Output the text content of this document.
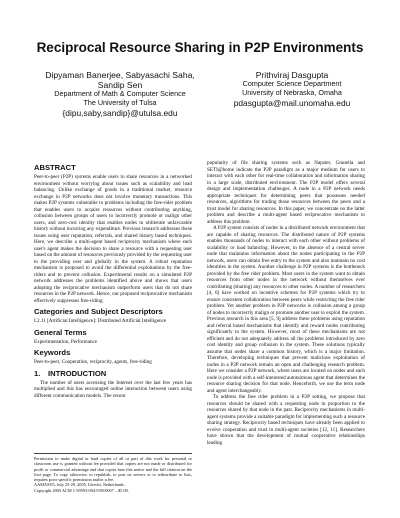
Reciprocal Resource Sharing in P2P Environments
Dipyaman Banerjee, Sabyasachi Saha,
Sandip Sen
Department of Math & Computer Science
The University of Tulsa
{dipu,saby,sandip}@utulsa.edu
Prithviraj Dasgupta
Computer Science Department
University of Nebraska, Omaha
pdasgupta@mail.unomaha.edu
ABSTRACT

Peer-to-peer (P2P) systems enable users to share resources in a networked environment without worrying about issues such as scalability and load balancing. Unlike exchange of goods in a traditional market, resource exchange in P2P networks does not involve monetary transactions. This makes P2P systems vulnerable to problems including the free-rider problem that enables users to acquire resources without contributing anything, collusion between groups of users to incorrectly promote or malign other users, and zero-cost identity that enables nodes to obliterate unfavorable history without incurring any expenditure. Previous research addresses these issues using user reputation, referrals, and shared history based techniques. Here, we describe a multi-agent based reciprocity mechanism where each user's agent makes the decision to share a resource with a requesting user based on the amount of resources previously provided by the requesting user to the providing user and globally in the system. A robust reputation mechanism is proposed to avoid the differential exploitations by the free-riders and to prevent collusion. Experimental results on a simulated P2P network addresses the problems identified above and shows that users adopting the reciprocative mechanism outperform users that do not share resources in the P2P network. Hence, our proposed reciprocative mechanism effectively suppresses free-riding.

Categories and Subject Descriptors

I.2.11 [Artificial Intelligence]: Distributed Artificial Intelligence

General Terms

Experimentation, Performance

Keywords

Peer-to-peer, Cooperation, reciprocity, agents, free-riding

1. INTRODUCTION

The number of users accessing the Internet over the last few years has multiplied and this has encouraged online interaction between users using different communication models. The recent

Permission to make digital or hard copies of all or part of this work for personal or classroom use is granted without fee provided that copies are not made or distributed for profit or commercial advantage and that copies bear this notice and the full citation on the first page. To copy otherwise, to republish, to post on servers or to redistribute to lists, requires prior specific permission and/or a fee.

AAMAS'05, July 25-29, 2005, Utrecht, Netherlands.

Copyright 2005 ACM 1-59593-094-9/05/0007 ...$5.00.

popularity of file sharing systems such as Napster, Gnutella and SETI@home indicate the P2P paradigm as a major medium for users to interact with each other for real-time collaboration and information sharing in a large scale, distributed environment. The P2P model offers several design and implementation challenges. A node in a P2P network needs appropriate techniques for determining peers that possesses needed resources, algorithms for trading those resources between the peers and a trust model for sharing resources. In this paper, we concentrate on the latter problem and describe a multi-agent based reciprocative mechanism to address this problem.

A P2P system consists of nodes in a distributed network environment that are capable of sharing resources. The distributed nature of P2P systems enables thousands of nodes to interact with each other without problems of scalability or load balancing. However, in the absence of a central server node that maintains information about the nodes participating in the P2P network, users can obtain free entry to the system and also maintain no cost identities in the system. Another challenge in P2P systems is the bottleneck provided by the free rider problem. Most users in the system want to obtain resources from other nodes in the network without themselves ever contributing (sharing) any resources to other nodes. A number of researchers [4, 6] have worked on incentive schemes for P2P systems which try to ensure consistent collaboration between peers while restricting the free rider problem. Yet another problem in P2P networks is collusion among a group of nodes to incorrectly malign or promote another user to exploit the system. Previous research in this area [5, 9] address these problems using reputation and referral based mechanisms that identify and reward nodes contributing significantly to the system. However, most of these mechanisms are not efficient and do not adequately address all the problems introduced by zero cost identity and group collusion in the system. These solutions typically assume that nodes share a common history, which is a major limitation. Therefore, developing techniques that prevent malicious exploitation of nodes in a P2P network remain an open and challenging research problem. Here we consider a P2P network, where users are located on nodes and each node is provided with a self-interested autonomous agent that determines the resource sharing decision for that node. Henceforth, we use the term node and agent interchangeably.

To address the free rider problem in a P2P setting, we propose that resources should be shared with a requesting node in proportion to the resources shared by that node in the past. Reciprocity mechanisms in multi-agent systems provide a suitable paradigm for implementing such a resource sharing strategy. Reciprocity based techniques have already been applied to evolve cooperation and trust in multi-agent societies [12, 11]. Researchers have shown that the development of mutual cooperative relationships leading
